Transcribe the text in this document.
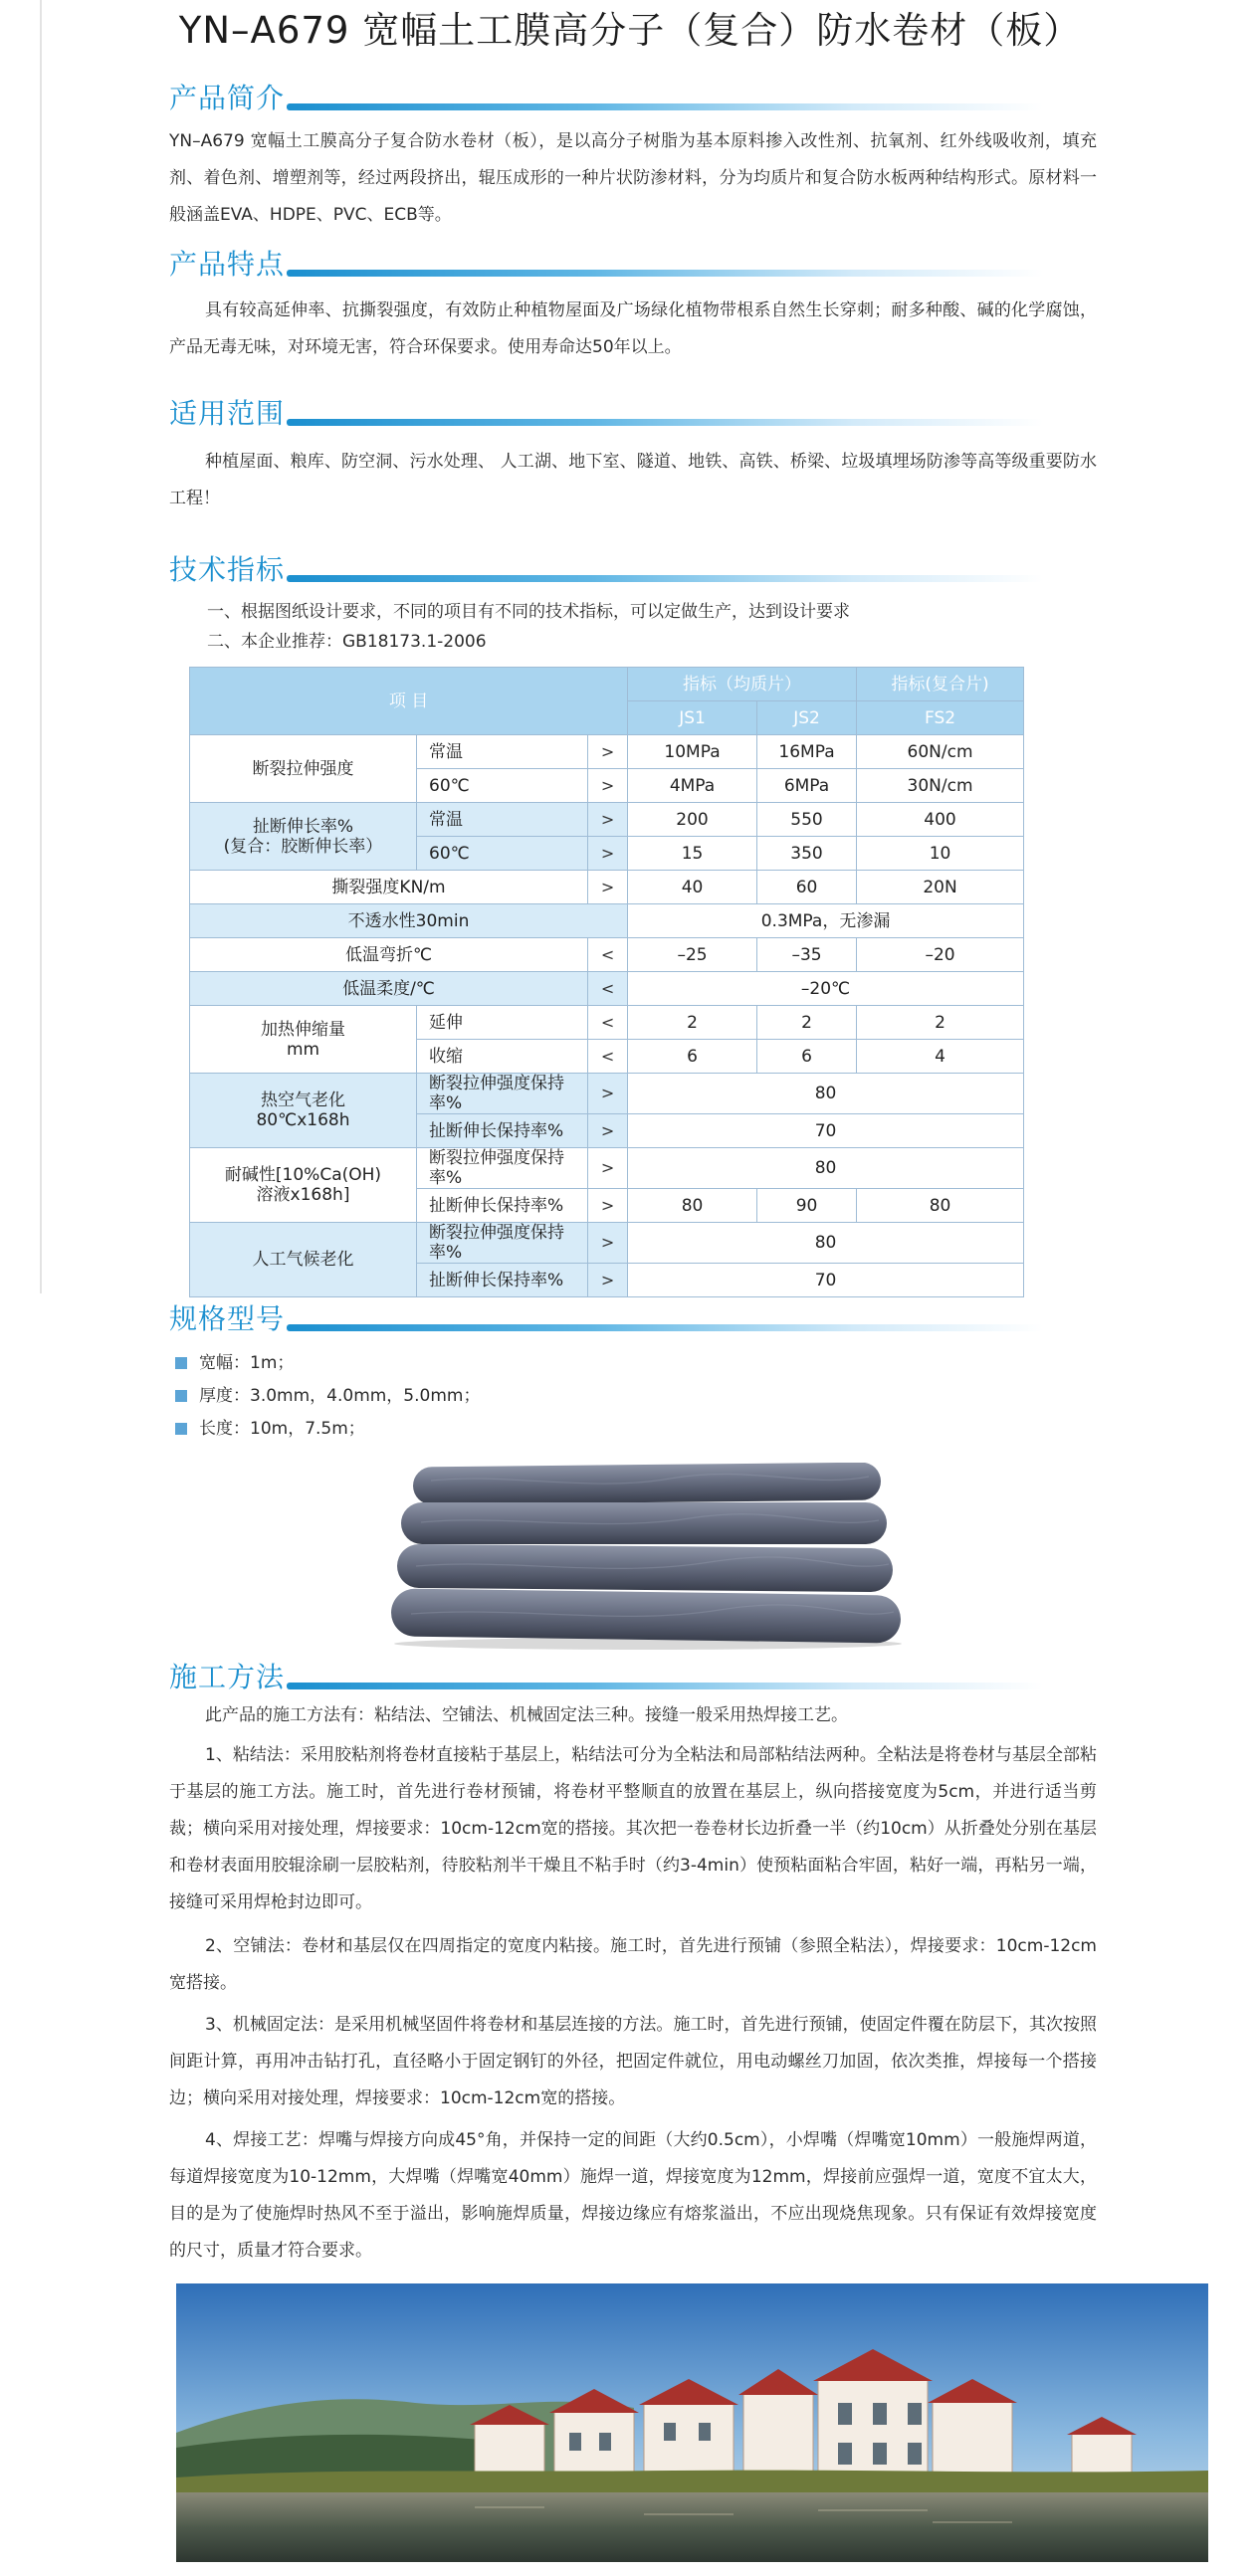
YN–A679 宽幅土工膜高分子（复合）防水卷材（板）
产品简介
YN–A679 宽幅土工膜高分子复合防水卷材（板），是以高分子树脂为基本原料掺入改性剂、抗氧剂、红外线吸收剂，填充剂、着色剂、增塑剂等，经过两段挤出，辊压成形的一种片状防渗材料，分为均质片和复合防水板两种结构形式。原材料一般涵盖EVA、HDPE、PVC、ECB等。
产品特点
具有较高延伸率、抗撕裂强度，有效防止种植物屋面及广场绿化植物带根系自然生长穿刺；耐多种酸、碱的化学腐蚀，产品无毒无味，对环境无害，符合环保要求。使用寿命达50年以上。
适用范围
种植屋面、粮库、防空洞、污水处理、 人工湖、地下室、隧道、地铁、高铁、桥梁、垃圾填埋场防渗等高等级重要防水工程！
技术指标
一、根据图纸设计要求，不同的项目有不同的技术指标，可以定做生产，达到设计要求
二、本企业推荐：GB18173.1-2006
项 目			指标（均质片）		指标(复合片)
			JS1	JS2	FS2
断裂拉伸强度	常温	>	10MPa	16MPa	60N/cm
	60℃	>	4MPa	6MPa	30N/cm

扯断伸长率%
(复合：胶断伸长率）	常温	>	200	550	400
	60℃	>	15	350	10
撕裂强度KN/m		>	40	60	20N
不透水性30min			0.3MPa，无渗漏		
低温弯折℃		<	–25	–35	–20
低温柔度/℃		<	–20℃		

加热伸缩量
mm	延伸	<	2	2	2
	收缩	<	6	6	4

热空气老化
80℃x168h	断裂拉伸强度保持率%	>	80		
	扯断伸长保持率%	>	70		

耐碱性[10%Ca(OH)
溶液x168h]	断裂拉伸强度保持率%	>	80		
	扯断伸长保持率%	>	80	90	80
人工气候老化	断裂拉伸强度保持率%	>	80		
	扯断伸长保持率%	>	70		
规格型号
宽幅：1m；
厚度：3.0mm，4.0mm，5.0mm；
长度：10m，7.5m；
施工方法
此产品的施工方法有：粘结法、空铺法、机械固定法三种。接缝一般采用热焊接工艺。
1、粘结法：采用胶粘剂将卷材直接粘于基层上，粘结法可分为全粘法和局部粘结法两种。全粘法是将卷材与基层全部粘于基层的施工方法。施工时，首先进行卷材预铺，将卷材平整顺直的放置在基层上，纵向搭接宽度为5cm，并进行适当剪裁；横向采用对接处理，焊接要求：10cm-12cm宽的搭接。其次把一卷卷材长边折叠一半（约10cm）从折叠处分别在基层和卷材表面用胶辊涂刷一层胶粘剂，待胶粘剂半干燥且不粘手时（约3-4min）使预粘面粘合牢固，粘好一端，再粘另一端，接缝可采用焊枪封边即可。
2、空铺法：卷材和基层仅在四周指定的宽度内粘接。施工时，首先进行预铺（参照全粘法），焊接要求：10cm-12cm宽搭接。
3、机械固定法：是采用机械坚固件将卷材和基层连接的方法。施工时，首先进行预铺，使固定件覆在防层下，其次按照间距计算，再用冲击钻打孔，直径略小于固定钢钉的外径，把固定件就位，用电动螺丝刀加固，依次类推，焊接每一个搭接边；横向采用对接处理，焊接要求：10cm-12cm宽的搭接。
4、焊接工艺：焊嘴与焊接方向成45°角，并保持一定的间距（大约0.5cm），小焊嘴（焊嘴宽10mm）一般施焊两道，每道焊接宽度为10-12mm，大焊嘴（焊嘴宽40mm）施焊一道，焊接宽度为12mm，焊接前应强焊一道，宽度不宜太大，目的是为了使施焊时热风不至于溢出，影响施焊质量，焊接边缘应有熔浆溢出，不应出现烧焦现象。只有保证有效焊接宽度的尺寸，质量才符合要求。
